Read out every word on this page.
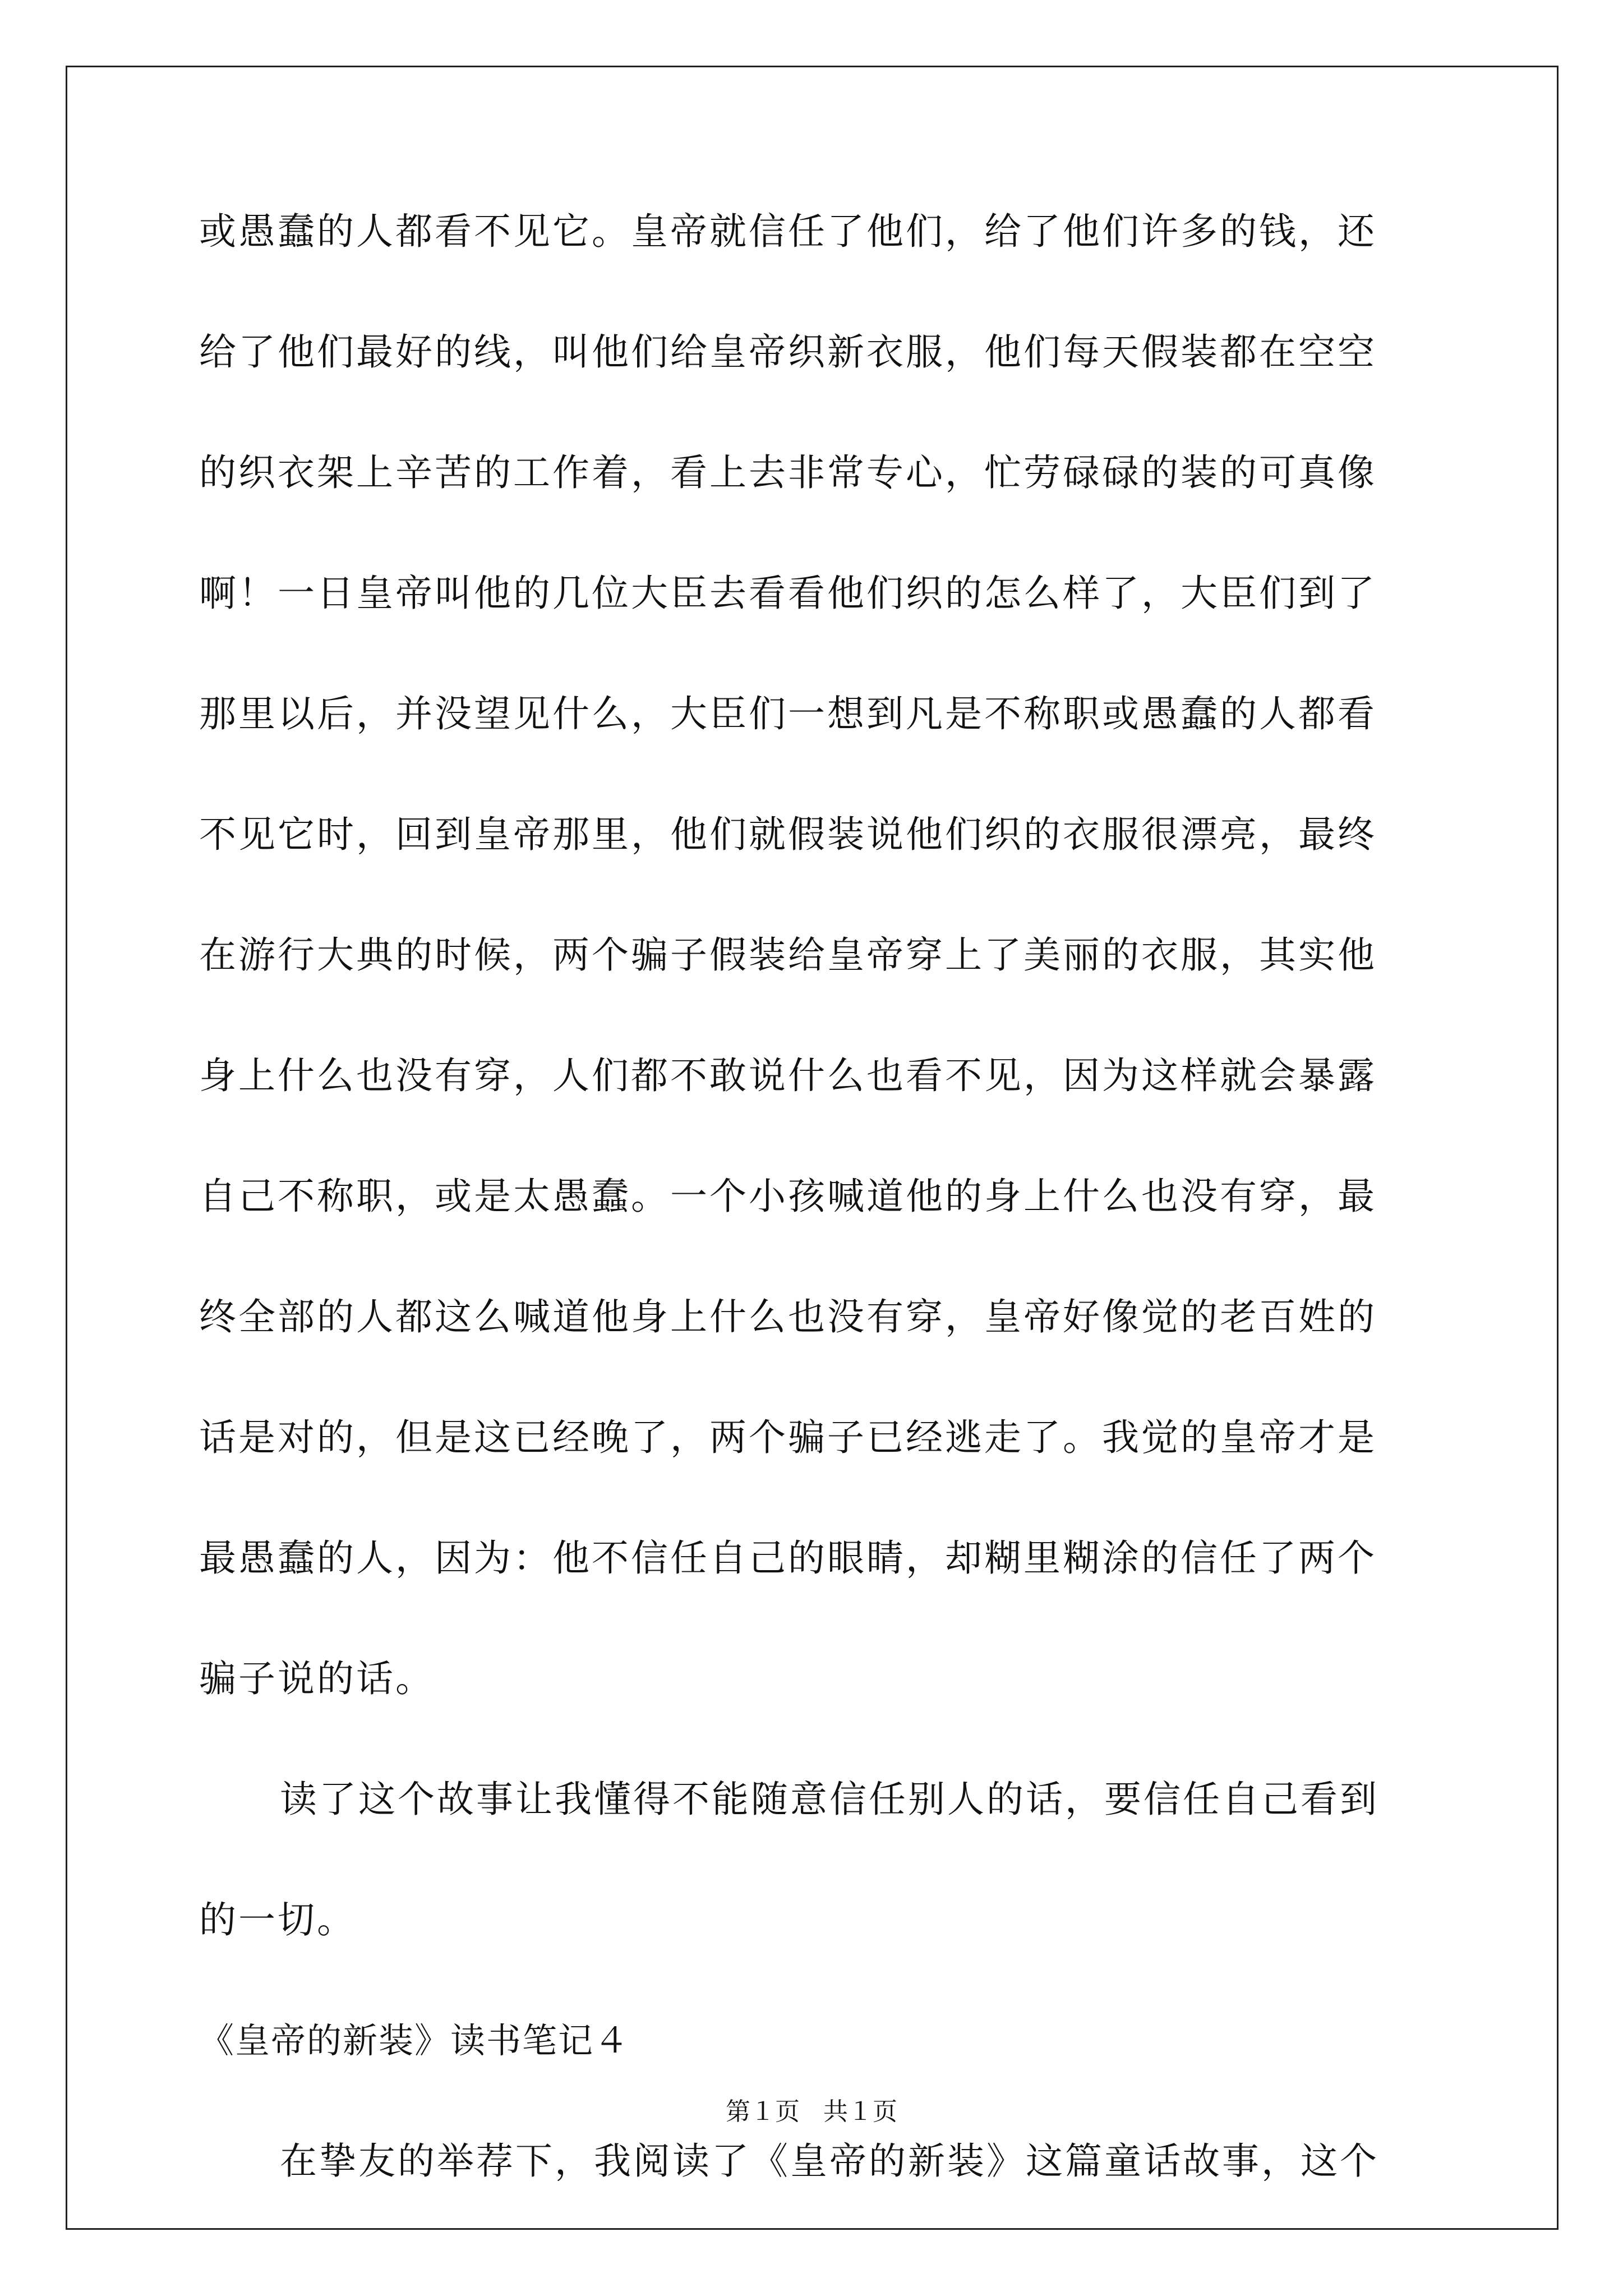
或愚蠢的人都看不见它。皇帝就信任了他们，给了他们许多的钱，还
给了他们最好的线，叫他们给皇帝织新衣服，他们每天假装都在空空
的织衣架上辛苦的工作着，看上去非常专心，忙劳碌碌的装的可真像
啊！一日皇帝叫他的几位大臣去看看他们织的怎么样了，大臣们到了
那里以后，并没望见什么，大臣们一想到凡是不称职或愚蠢的人都看
不见它时，回到皇帝那里，他们就假装说他们织的衣服很漂亮，最终
在游行大典的时候，两个骗子假装给皇帝穿上了美丽的衣服，其实他
身上什么也没有穿，人们都不敢说什么也看不见，因为这样就会暴露
自己不称职，或是太愚蠢。一个小孩喊道他的身上什么也没有穿，最
终全部的人都这么喊道他身上什么也没有穿，皇帝好像觉的老百姓的
话是对的，但是这已经晚了，两个骗子已经逃走了。我觉的皇帝才是
最愚蠢的人，因为：他不信任自己的眼睛，却糊里糊涂的信任了两个
骗子说的话。
读了这个故事让我懂得不能随意信任别人的话，要信任自己看到
的一切。
《皇帝的新装》读书笔记４
在挚友的举荐下，我阅读了《皇帝的新装》这篇童话故事，这个
第１页 共１页
